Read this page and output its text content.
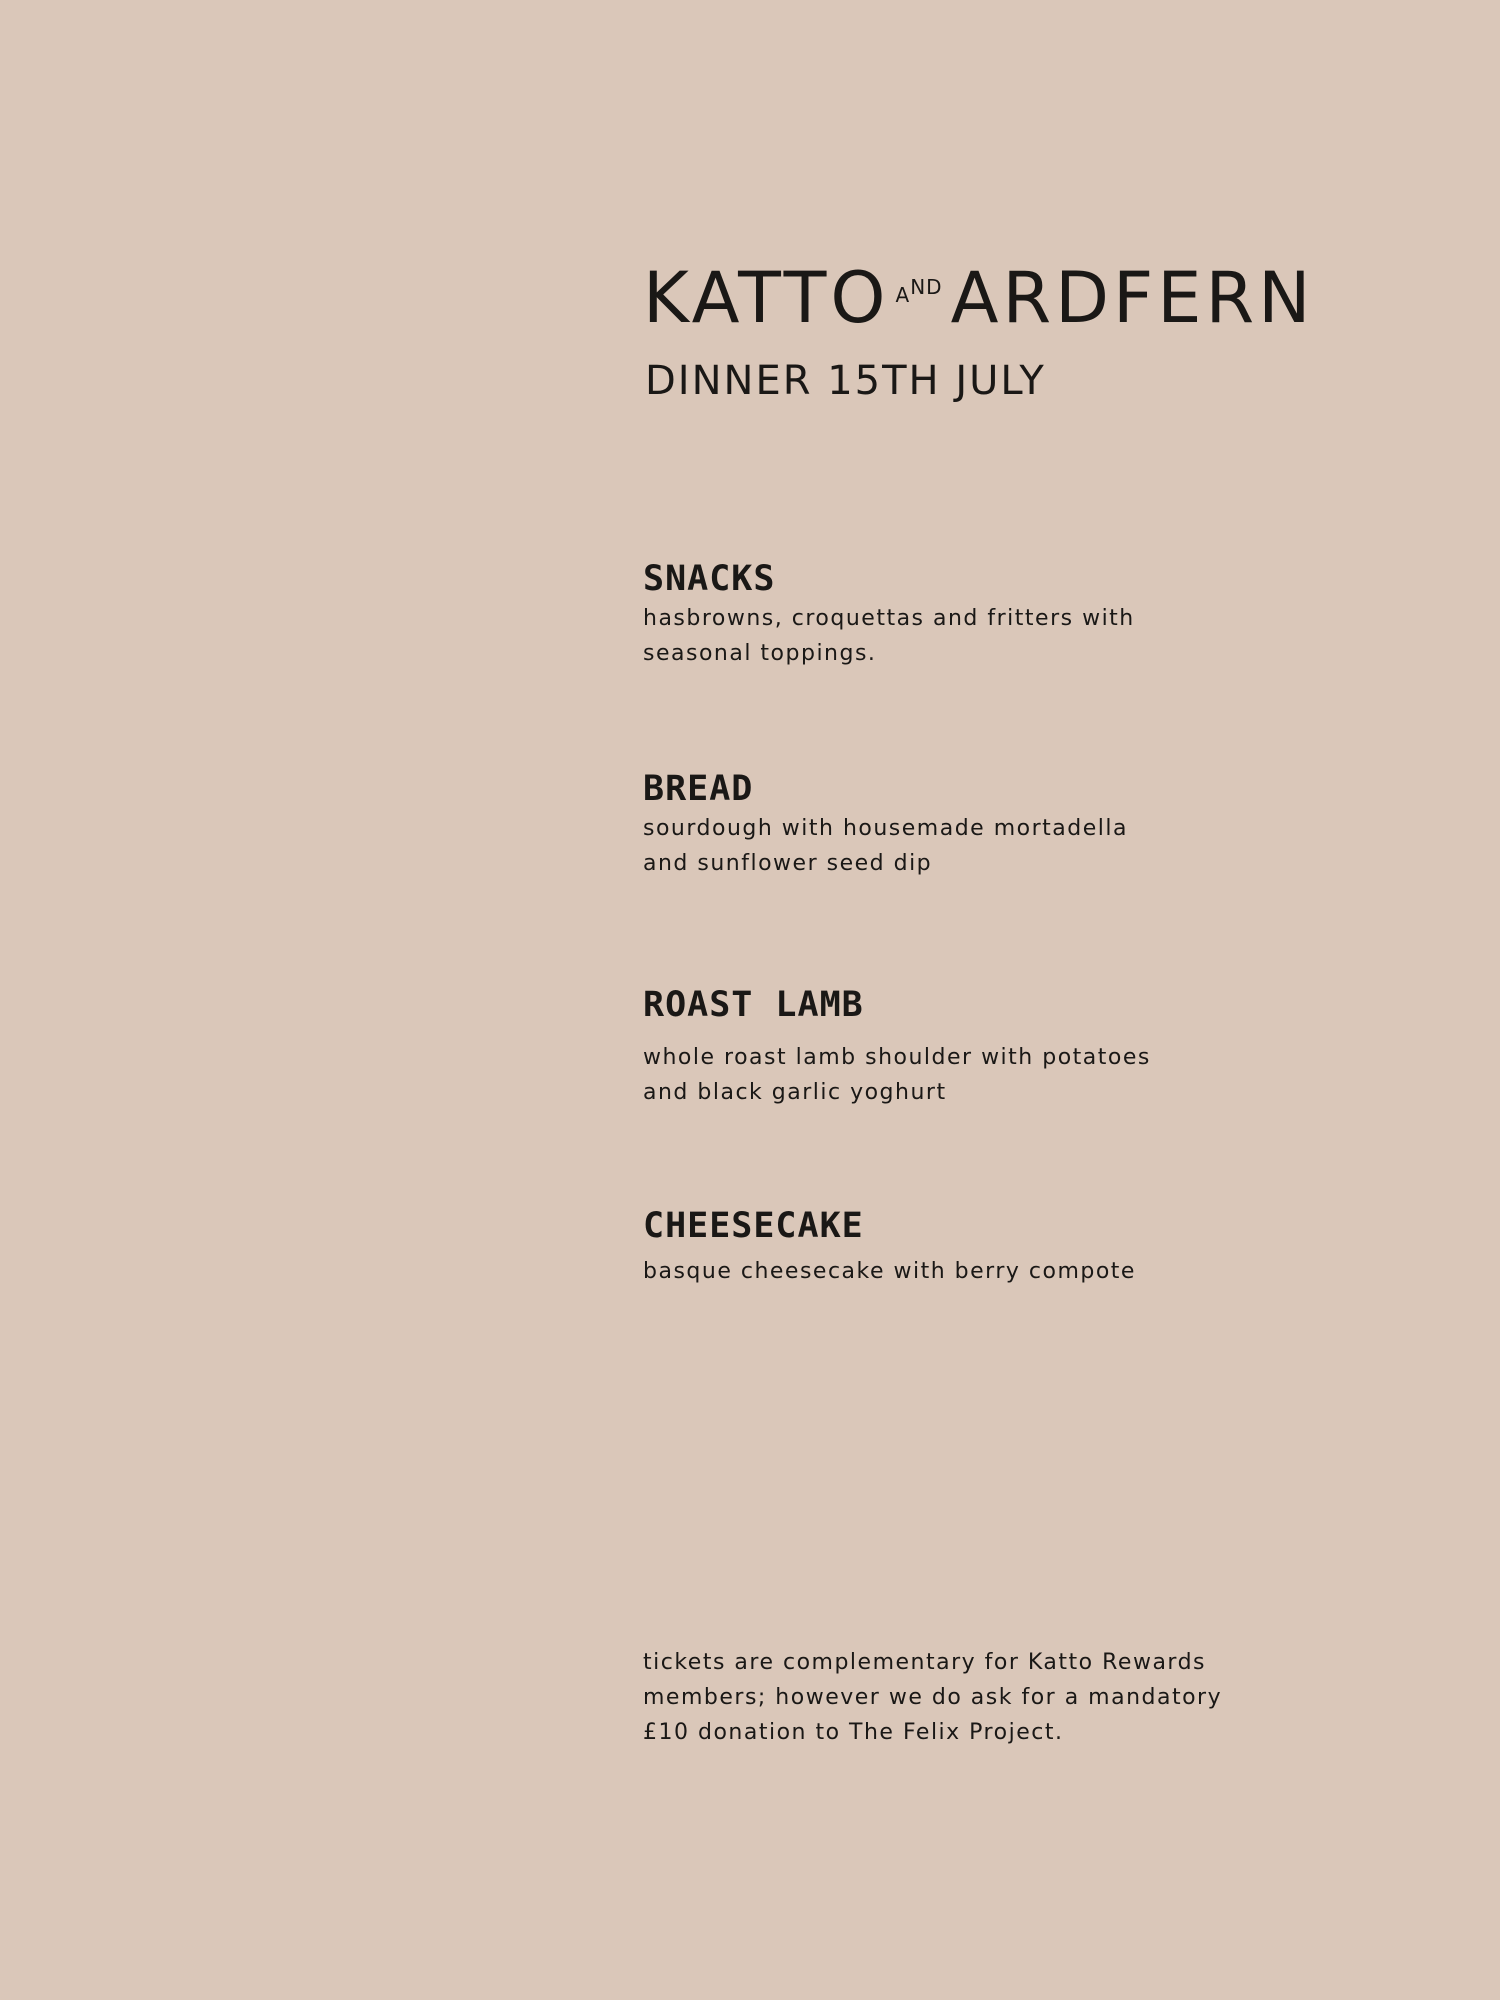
KATTO AND ARDFERN
DINNER 15TH JULY
SNACKS

hasbrowns, croquettas and fritters with
seasonal toppings.

BREAD

sourdough with housemade mortadella
and sunflower seed dip

ROAST LAMB

whole roast lamb shoulder with potatoes
and black garlic yoghurt

CHEESECAKE

basque cheesecake with berry compote

tickets are complementary for Katto Rewards
members; however we do ask for a mandatory
£10 donation to The Felix Project.
